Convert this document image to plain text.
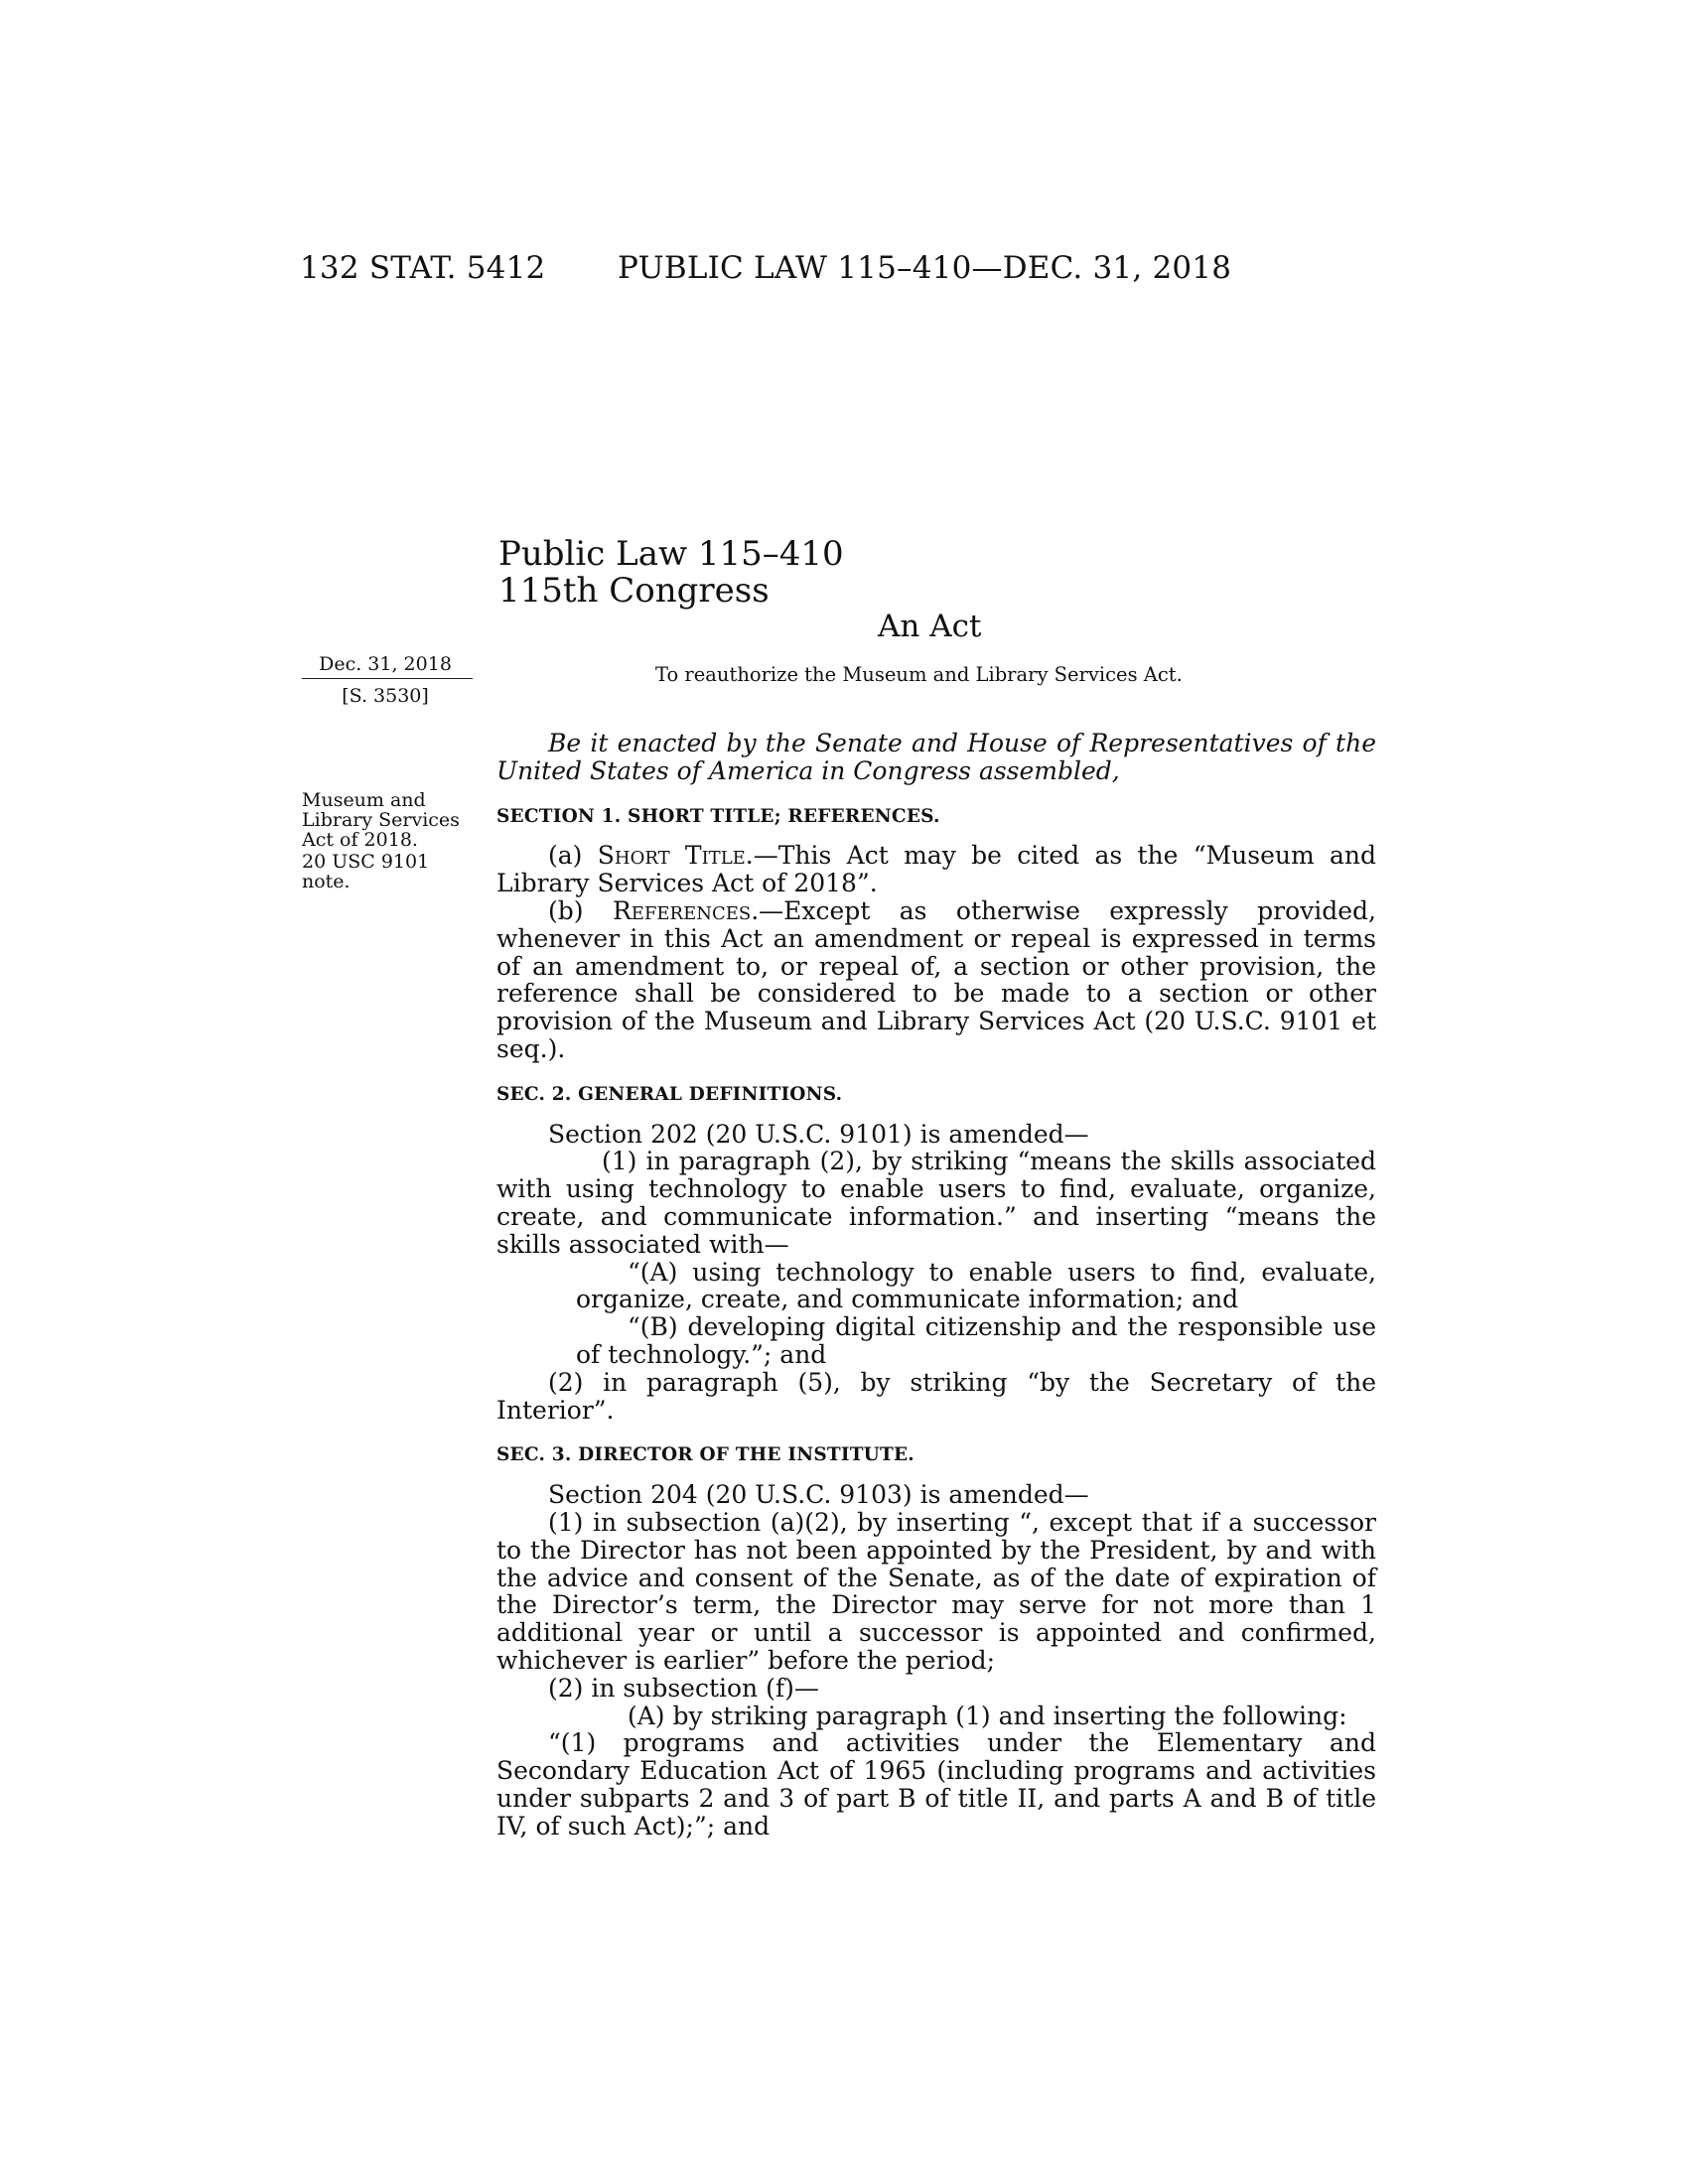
132 STAT. 5412 PUBLIC LAW 115–410—DEC. 31, 2018
Public Law 115–410
115th Congress
An Act
Dec. 31, 2018
[S. 3530]
To reauthorize the Museum and Library Services Act.
Museum and Library Services Act of 2018.
20 USC 9101 note.

Be it enacted by the Senate and House of Representatives of the United States of America in Congress assembled,

SECTION 1. SHORT TITLE; REFERENCES.

(a) Short Title.—This Act may be cited as the “Museum and Library Services Act of 2018”.

(b) References.—Except as otherwise expressly provided, whenever in this Act an amendment or repeal is expressed in terms of an amendment to, or repeal of, a section or other provision, the reference shall be considered to be made to a section or other provision of the Museum and Library Services Act (20 U.S.C. 9101 et seq.).

SEC. 2. GENERAL DEFINITIONS.

Section 202 (20 U.S.C. 9101) is amended—

(1) in paragraph (2), by striking “means the skills associated with using technology to enable users to find, evaluate, organize, create, and communicate information.” and inserting “means the skills associated with—

“(A) using technology to enable users to find, evaluate, organize, create, and communicate information; and

“(B) developing digital citizenship and the responsible use of technology.”; and

(2) in paragraph (5), by striking “by the Secretary of the Interior”.

SEC. 3. DIRECTOR OF THE INSTITUTE.

Section 204 (20 U.S.C. 9103) is amended—

(1) in subsection (a)(2), by inserting “, except that if a successor to the Director has not been appointed by the President, by and with the advice and consent of the Senate, as of the date of expiration of the Director’s term, the Director may serve for not more than 1 additional year or until a successor is appointed and confirmed, whichever is earlier” before the period;

(2) in subsection (f)—

(A) by striking paragraph (1) and inserting the following:

“(1) programs and activities under the Elementary and Secondary Education Act of 1965 (including programs and activities under subparts 2 and 3 of part B of title II, and parts A and B of title IV, of such Act);”; and
